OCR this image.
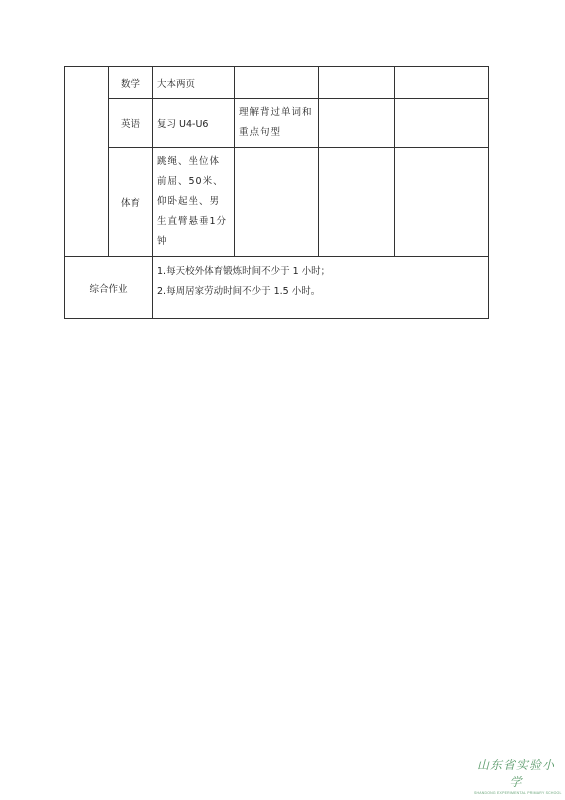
	数学	大本两页			
	英语	复习 U4-U6	理解背过单词和重点句型		
	体育	跳绳、坐位体前屈、50米、仰卧起坐、男生直臂悬垂1分钟			
综合作业		1.每天校外体育锻炼时间不少于 1 小时；
2.每周居家劳动时间不少于 1.5 小时。			
山东省实验小学
SHANDONG EXPERIMENTAL PRIMARY SCHOOL
